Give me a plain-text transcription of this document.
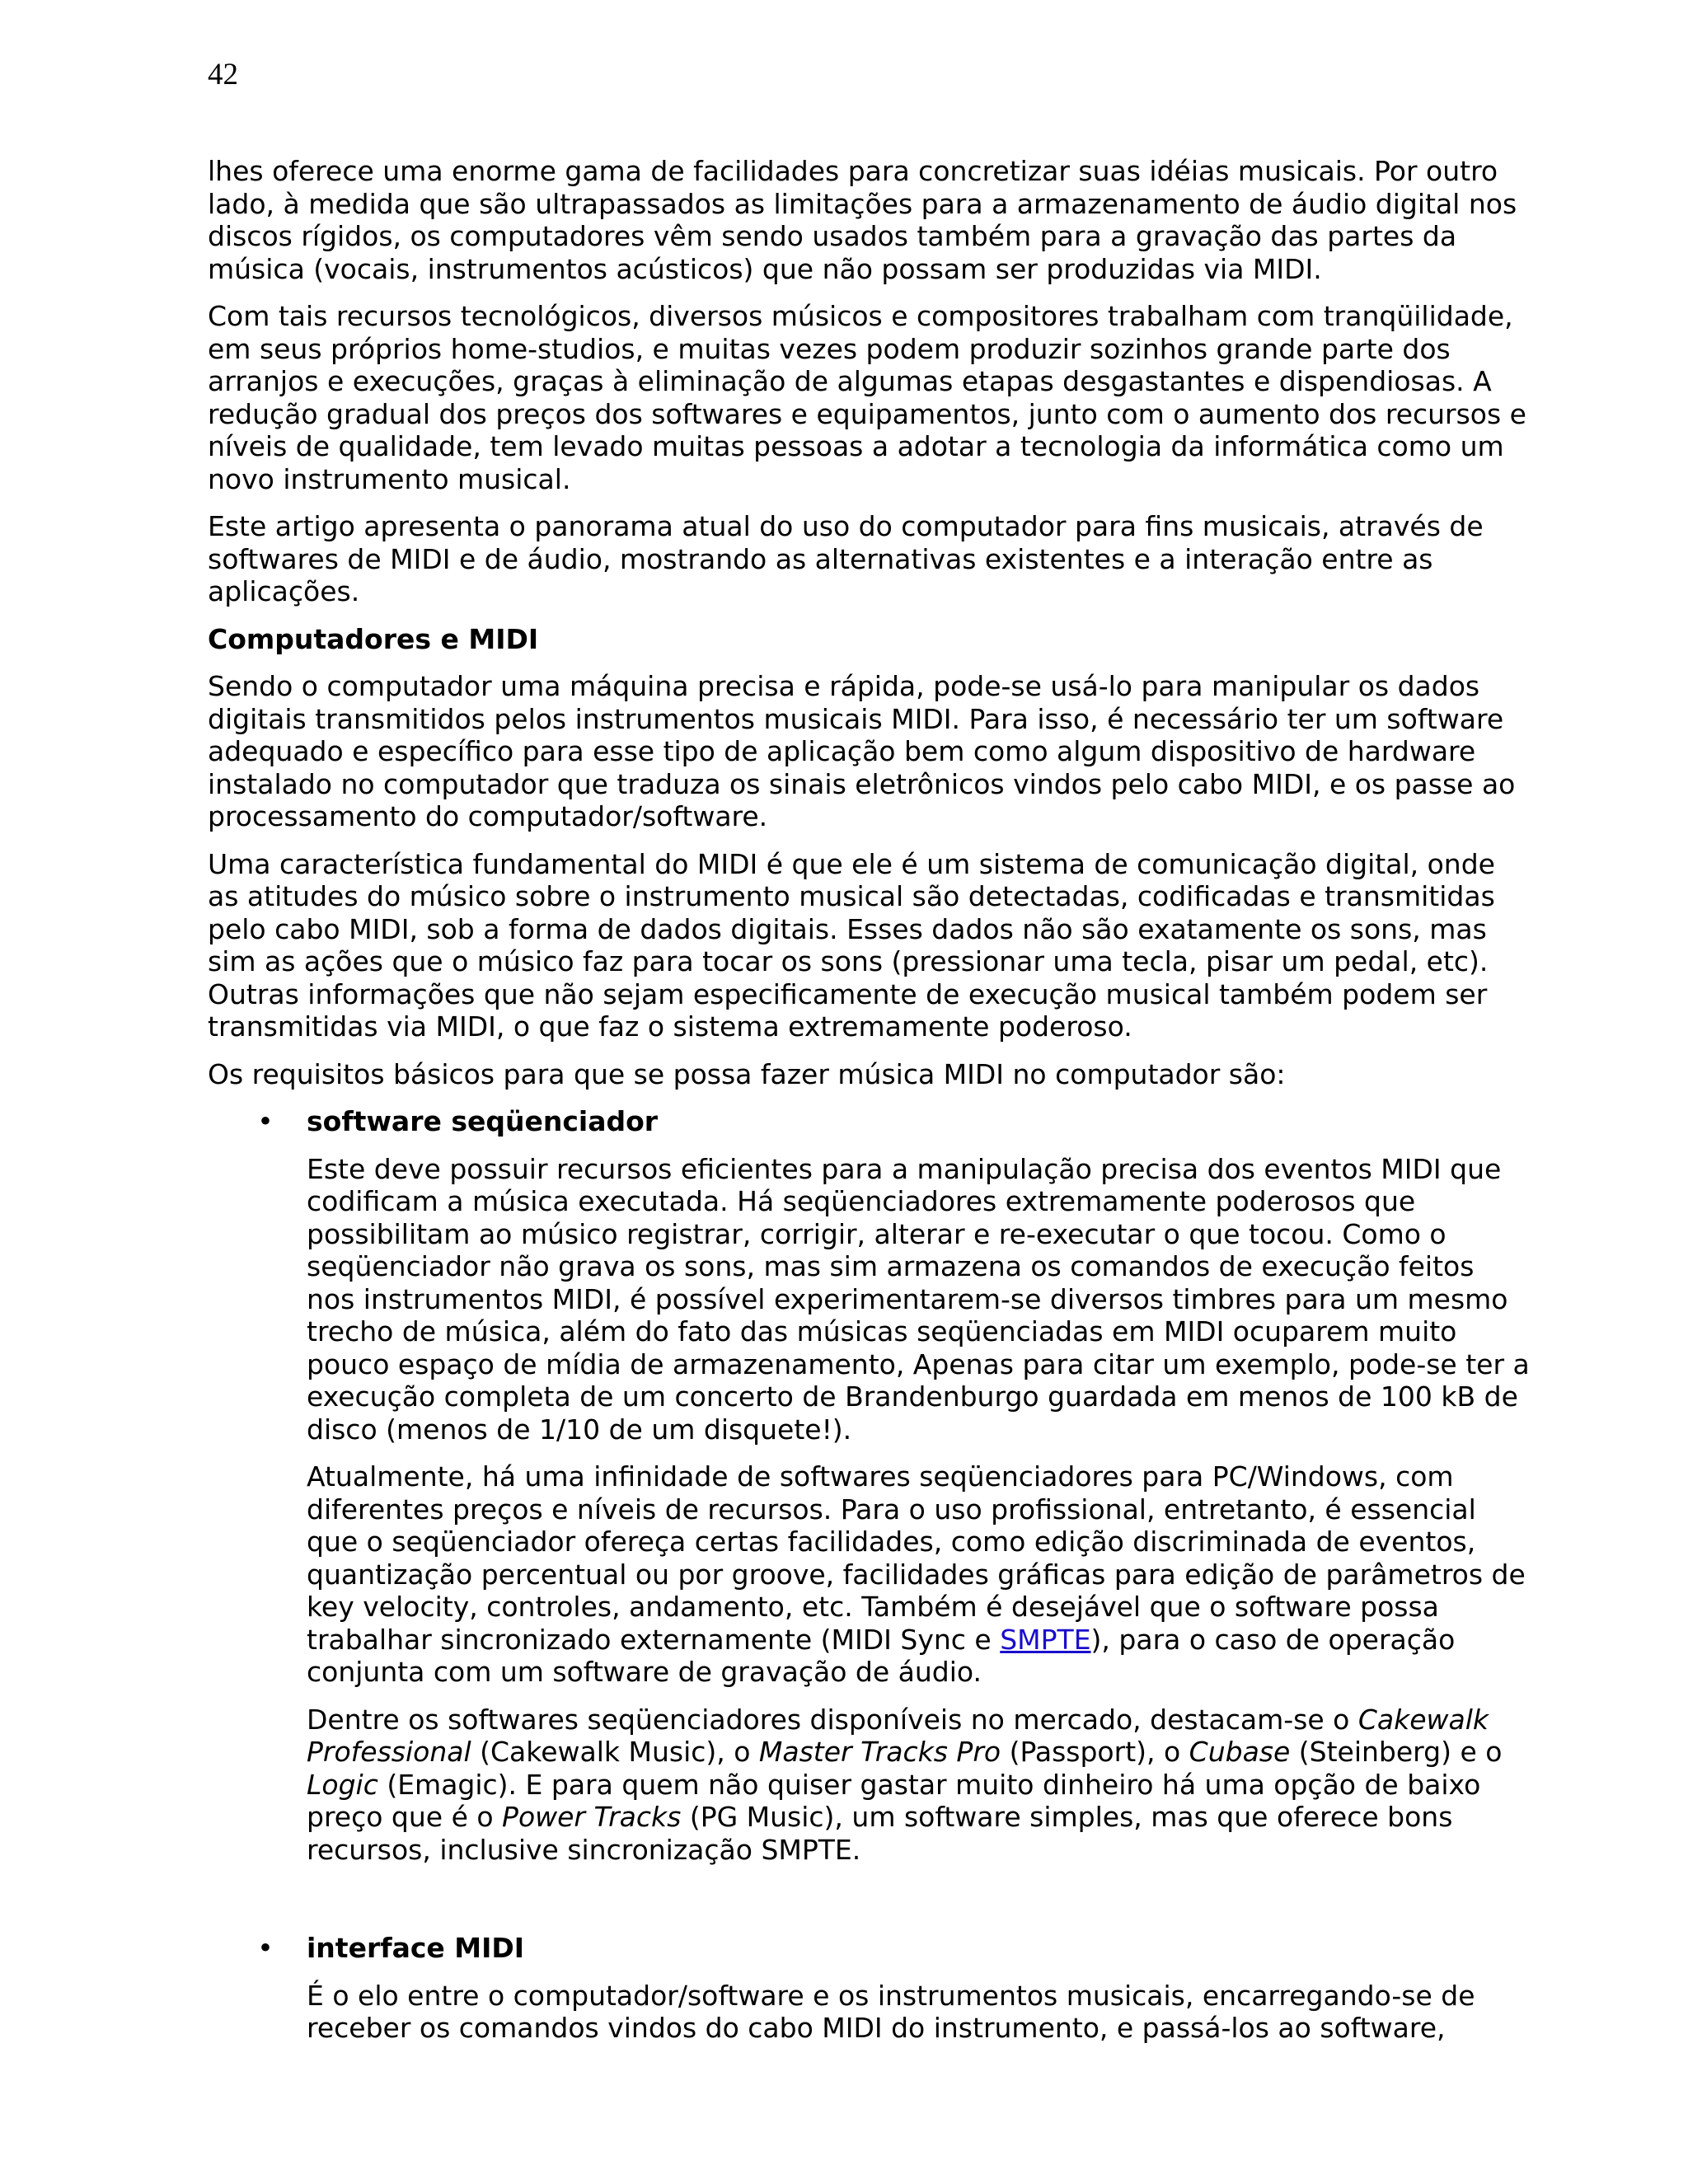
42

lhes oferece uma enorme gama de facilidades para concretizar suas idéias musicais. Por outro lado, à medida que são ultrapassados as limitações para a armazenamento de áudio digital nos discos rígidos, os computadores vêm sendo usados também para a gravação das partes da música (vocais, instrumentos acústicos) que não possam ser produzidas via MIDI.

Com tais recursos tecnológicos, diversos músicos e compositores trabalham com tranqüilidade, em seus próprios home-studios, e muitas vezes podem produzir sozinhos grande parte dos arranjos e execuções, graças à eliminação de algumas etapas desgastantes e dispendiosas. A redução gradual dos preços dos softwares e equipamentos, junto com o aumento dos recursos e níveis de qualidade, tem levado muitas pessoas a adotar a tecnologia da informática como um novo instrumento musical.

Este artigo apresenta o panorama atual do uso do computador para fins musicais, através de softwares de MIDI e de áudio, mostrando as alternativas existentes e a interação entre as aplicações.

Computadores e MIDI

Sendo o computador uma máquina precisa e rápida, pode-se usá-lo para manipular os dados digitais transmitidos pelos instrumentos musicais MIDI. Para isso, é necessário ter um software adequado e específico para esse tipo de aplicação bem como algum dispositivo de hardware instalado no computador que traduza os sinais eletrônicos vindos pelo cabo MIDI, e os passe ao processamento do computador/software.

Uma característica fundamental do MIDI é que ele é um sistema de comunicação digital, onde as atitudes do músico sobre o instrumento musical são detectadas, codificadas e transmitidas pelo cabo MIDI, sob a forma de dados digitais. Esses dados não são exatamente os sons, mas sim as ações que o músico faz para tocar os sons (pressionar uma tecla, pisar um pedal, etc). Outras informações que não sejam especificamente de execução musical também podem ser transmitidas via MIDI, o que faz o sistema extremamente poderoso.

Os requisitos básicos para que se possa fazer música MIDI no computador são:

• software seqüenciador

Este deve possuir recursos eficientes para a manipulação precisa dos eventos MIDI que codificam a música executada. Há seqüenciadores extremamente poderosos que possibilitam ao músico registrar, corrigir, alterar e re-executar o que tocou. Como o seqüenciador não grava os sons, mas sim armazena os comandos de execução feitos nos instrumentos MIDI, é possível experimentarem-se diversos timbres para um mesmo trecho de música, além do fato das músicas seqüenciadas em MIDI ocuparem muito pouco espaço de mídia de armazenamento, Apenas para citar um exemplo, pode-se ter a execução completa de um concerto de Brandenburgo guardada em menos de 100 kB de disco (menos de 1/10 de um disquete!).

Atualmente, há uma infinidade de softwares seqüenciadores para PC/Windows, com diferentes preços e níveis de recursos. Para o uso profissional, entretanto, é essencial que o seqüenciador ofereça certas facilidades, como edição discriminada de eventos, quantização percentual ou por groove, facilidades gráficas para edição de parâmetros de key velocity, controles, andamento, etc. Também é desejável que o software possa trabalhar sincronizado externamente (MIDI Sync e SMPTE), para o caso de operação conjunta com um software de gravação de áudio.

Dentre os softwares seqüenciadores disponíveis no mercado, destacam-se o Cakewalk Professional (Cakewalk Music), o Master Tracks Pro (Passport), o Cubase (Steinberg) e o Logic (Emagic). E para quem não quiser gastar muito dinheiro há uma opção de baixo preço que é o Power Tracks (PG Music), um software simples, mas que oferece bons recursos, inclusive sincronização SMPTE.

• interface MIDI

É o elo entre o computador/software e os instrumentos musicais, encarregando-se de receber os comandos vindos do cabo MIDI do instrumento, e passá-los ao software,
